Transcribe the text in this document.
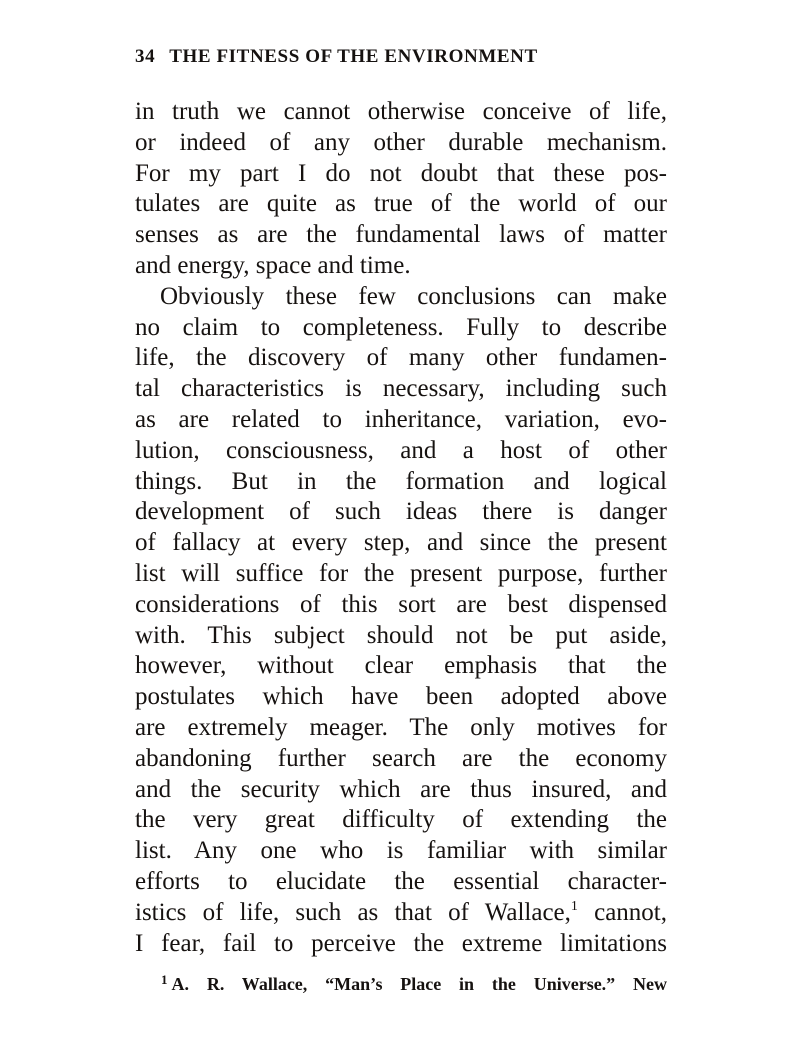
34 THE FITNESS OF THE ENVIRONMENT
in truth we cannot otherwise conceive of life,
or indeed of any other durable mechanism.
For my part I do not doubt that these pos-
tulates are quite as true of the world of our
senses as are the fundamental laws of matter
and energy, space and time.
Obviously these few conclusions can make
no claim to completeness. Fully to describe
life, the discovery of many other fundamen-
tal characteristics is necessary, including such
as are related to inheritance, variation, evo-
lution, consciousness, and a host of other
things. But in the formation and logical
development of such ideas there is danger
of fallacy at every step, and since the present
list will suffice for the present purpose, further
considerations of this sort are best dispensed
with. This subject should not be put aside,
however, without clear emphasis that the
postulates which have been adopted above
are extremely meager. The only motives for
abandoning further search are the economy
and the security which are thus insured, and
the very great difficulty of extending the
list. Any one who is familiar with similar
efforts to elucidate the essential character-
istics of life, such as that of Wallace,$^1$ cannot,
I fear, fail to perceive the extreme limitations
$^1$ A. R. Wallace, “Man’s Place in the Universe.” New
